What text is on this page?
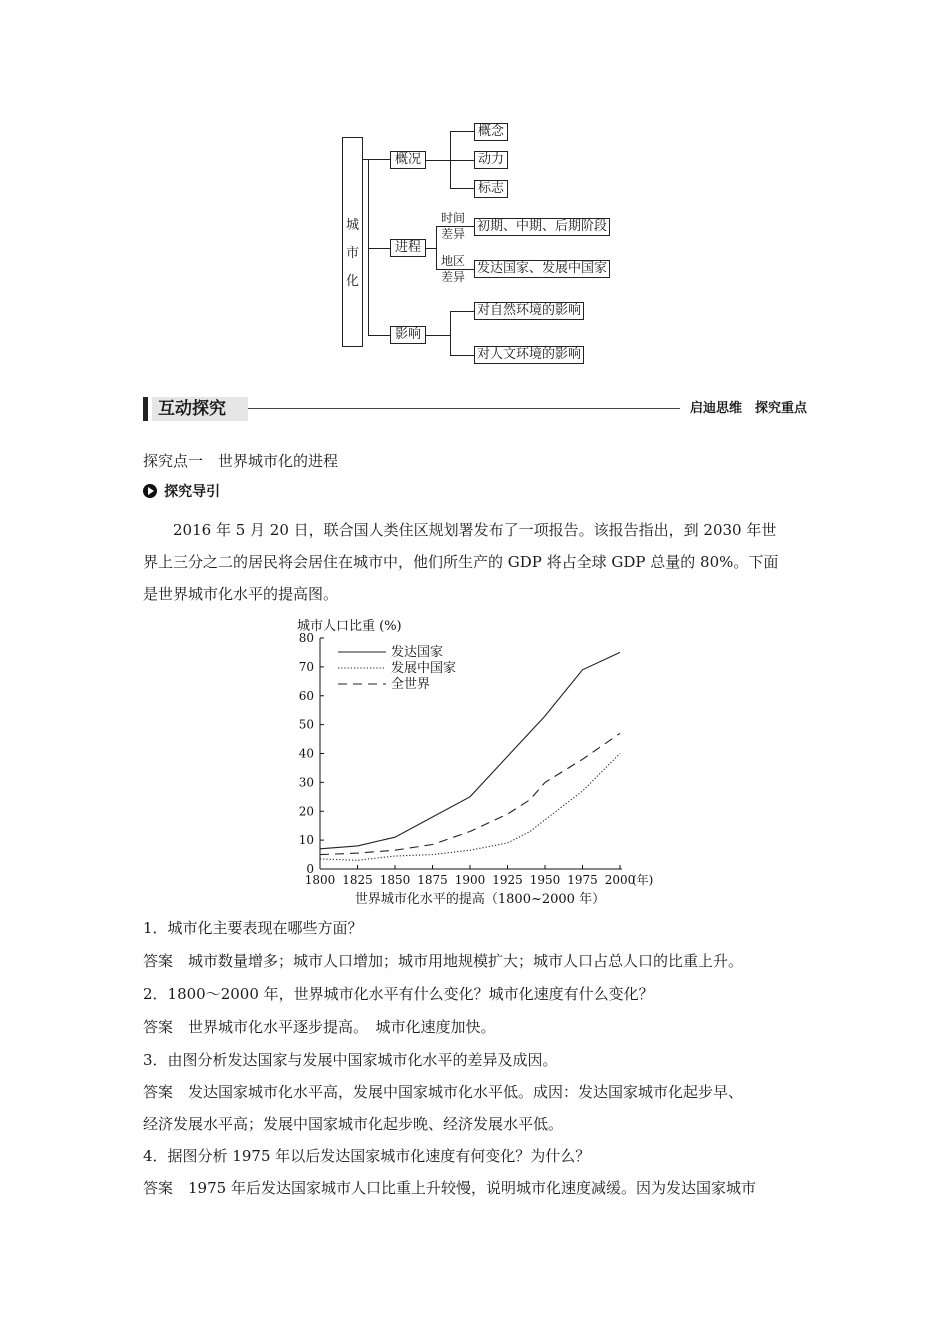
城
市
化
概况
概念
动力
标志
进程
时间
差异
地区
差异
初期、中期、后期阶段
发达国家、发展中国家
影响
对自然环境的影响
对人文环境的影响
互动探究	启迪思维　探究重点
探究点一　世界城市化的进程
探究导引
2016 年 5 月 20 日，联合国人类住区规划署发布了一项报告。该报告指出，到 2030 年世
界上三分之二的居民将会居住在城市中，他们所生产的 GDP 将占全球 GDP 总量的 80%。下面
是世界城市化水平的提高图。
城市人口比重 (%)
0
10
20
30
40
50
60
70
80
1800 1825 1850 1875 1900 1925 1950 1975 2000
(年)
发达国家
发展中国家
全世界
世界城市化水平的提高（1800~2000 年）
1．城市化主要表现在哪些方面？
答案　城市数量增多；城市人口增加；城市用地规模扩大；城市人口占总人口的比重上升。
2．1800～2000 年，世界城市化水平有什么变化？城市化速度有什么变化？
答案　世界城市化水平逐步提高。　城市化速度加快。
3．由图分析发达国家与发展中国家城市化水平的差异及成因。
答案　发达国家城市化水平高，发展中国家城市化水平低。成因：发达国家城市化起步早、
经济发展水平高；发展中国家城市化起步晚、经济发展水平低。
4．据图分析 1975 年以后发达国家城市化速度有何变化？为什么？
答案　1975 年后发达国家城市人口比重上升较慢，说明城市化速度减缓。因为发达国家城市
